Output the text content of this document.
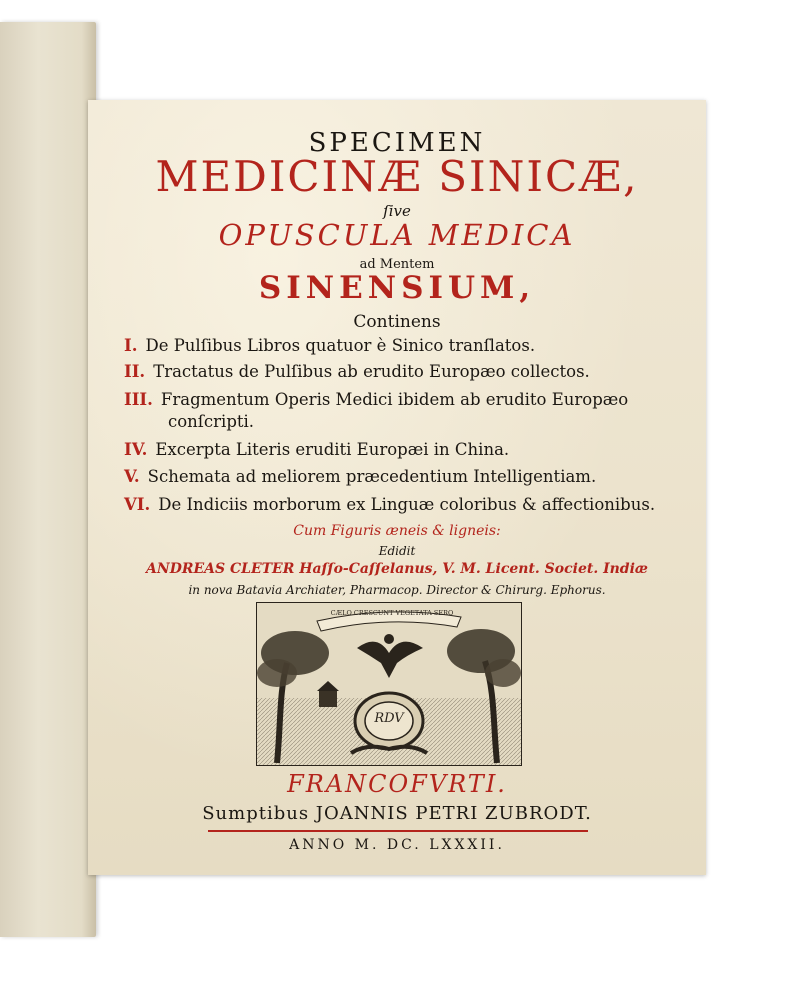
SPECIMEN
MEDICINÆ SINICÆ,
ſive
OPUSCULA MEDICA
ad Mentem
SINENSIUM,
Continens
I. De Pulſibus Libros quatuor è Sinico tranſlatos.
II. Tractatus de Pulſibus ab erudito Europæo collectos.
III. Fragmentum Operis Medici ibidem ab erudito Europæo
conſcripti.
IV. Excerpta Literis eruditi Europæi in China.
V. Schemata ad meliorem præcedentium Intelligentiam.
VI. De Indiciis morborum ex Linguæ coloribus & affectionibus.
Cum Figuris æneis & ligneis:
Edidit
ANDREAS CLETER Haſſo-Caſſelanus, V. M. Licent. Societ. Indiæ
in nova Batavia Archiater, Pharmacop. Director & Chirurg. Ephorus.
CÆLO CRESCUNT VEGETATA SERO
RDV
FRANCOFVRTI.
Sumptibus JOANNIS PETRI ZUBRODT.
ANNO M. DC. LXXXII.
